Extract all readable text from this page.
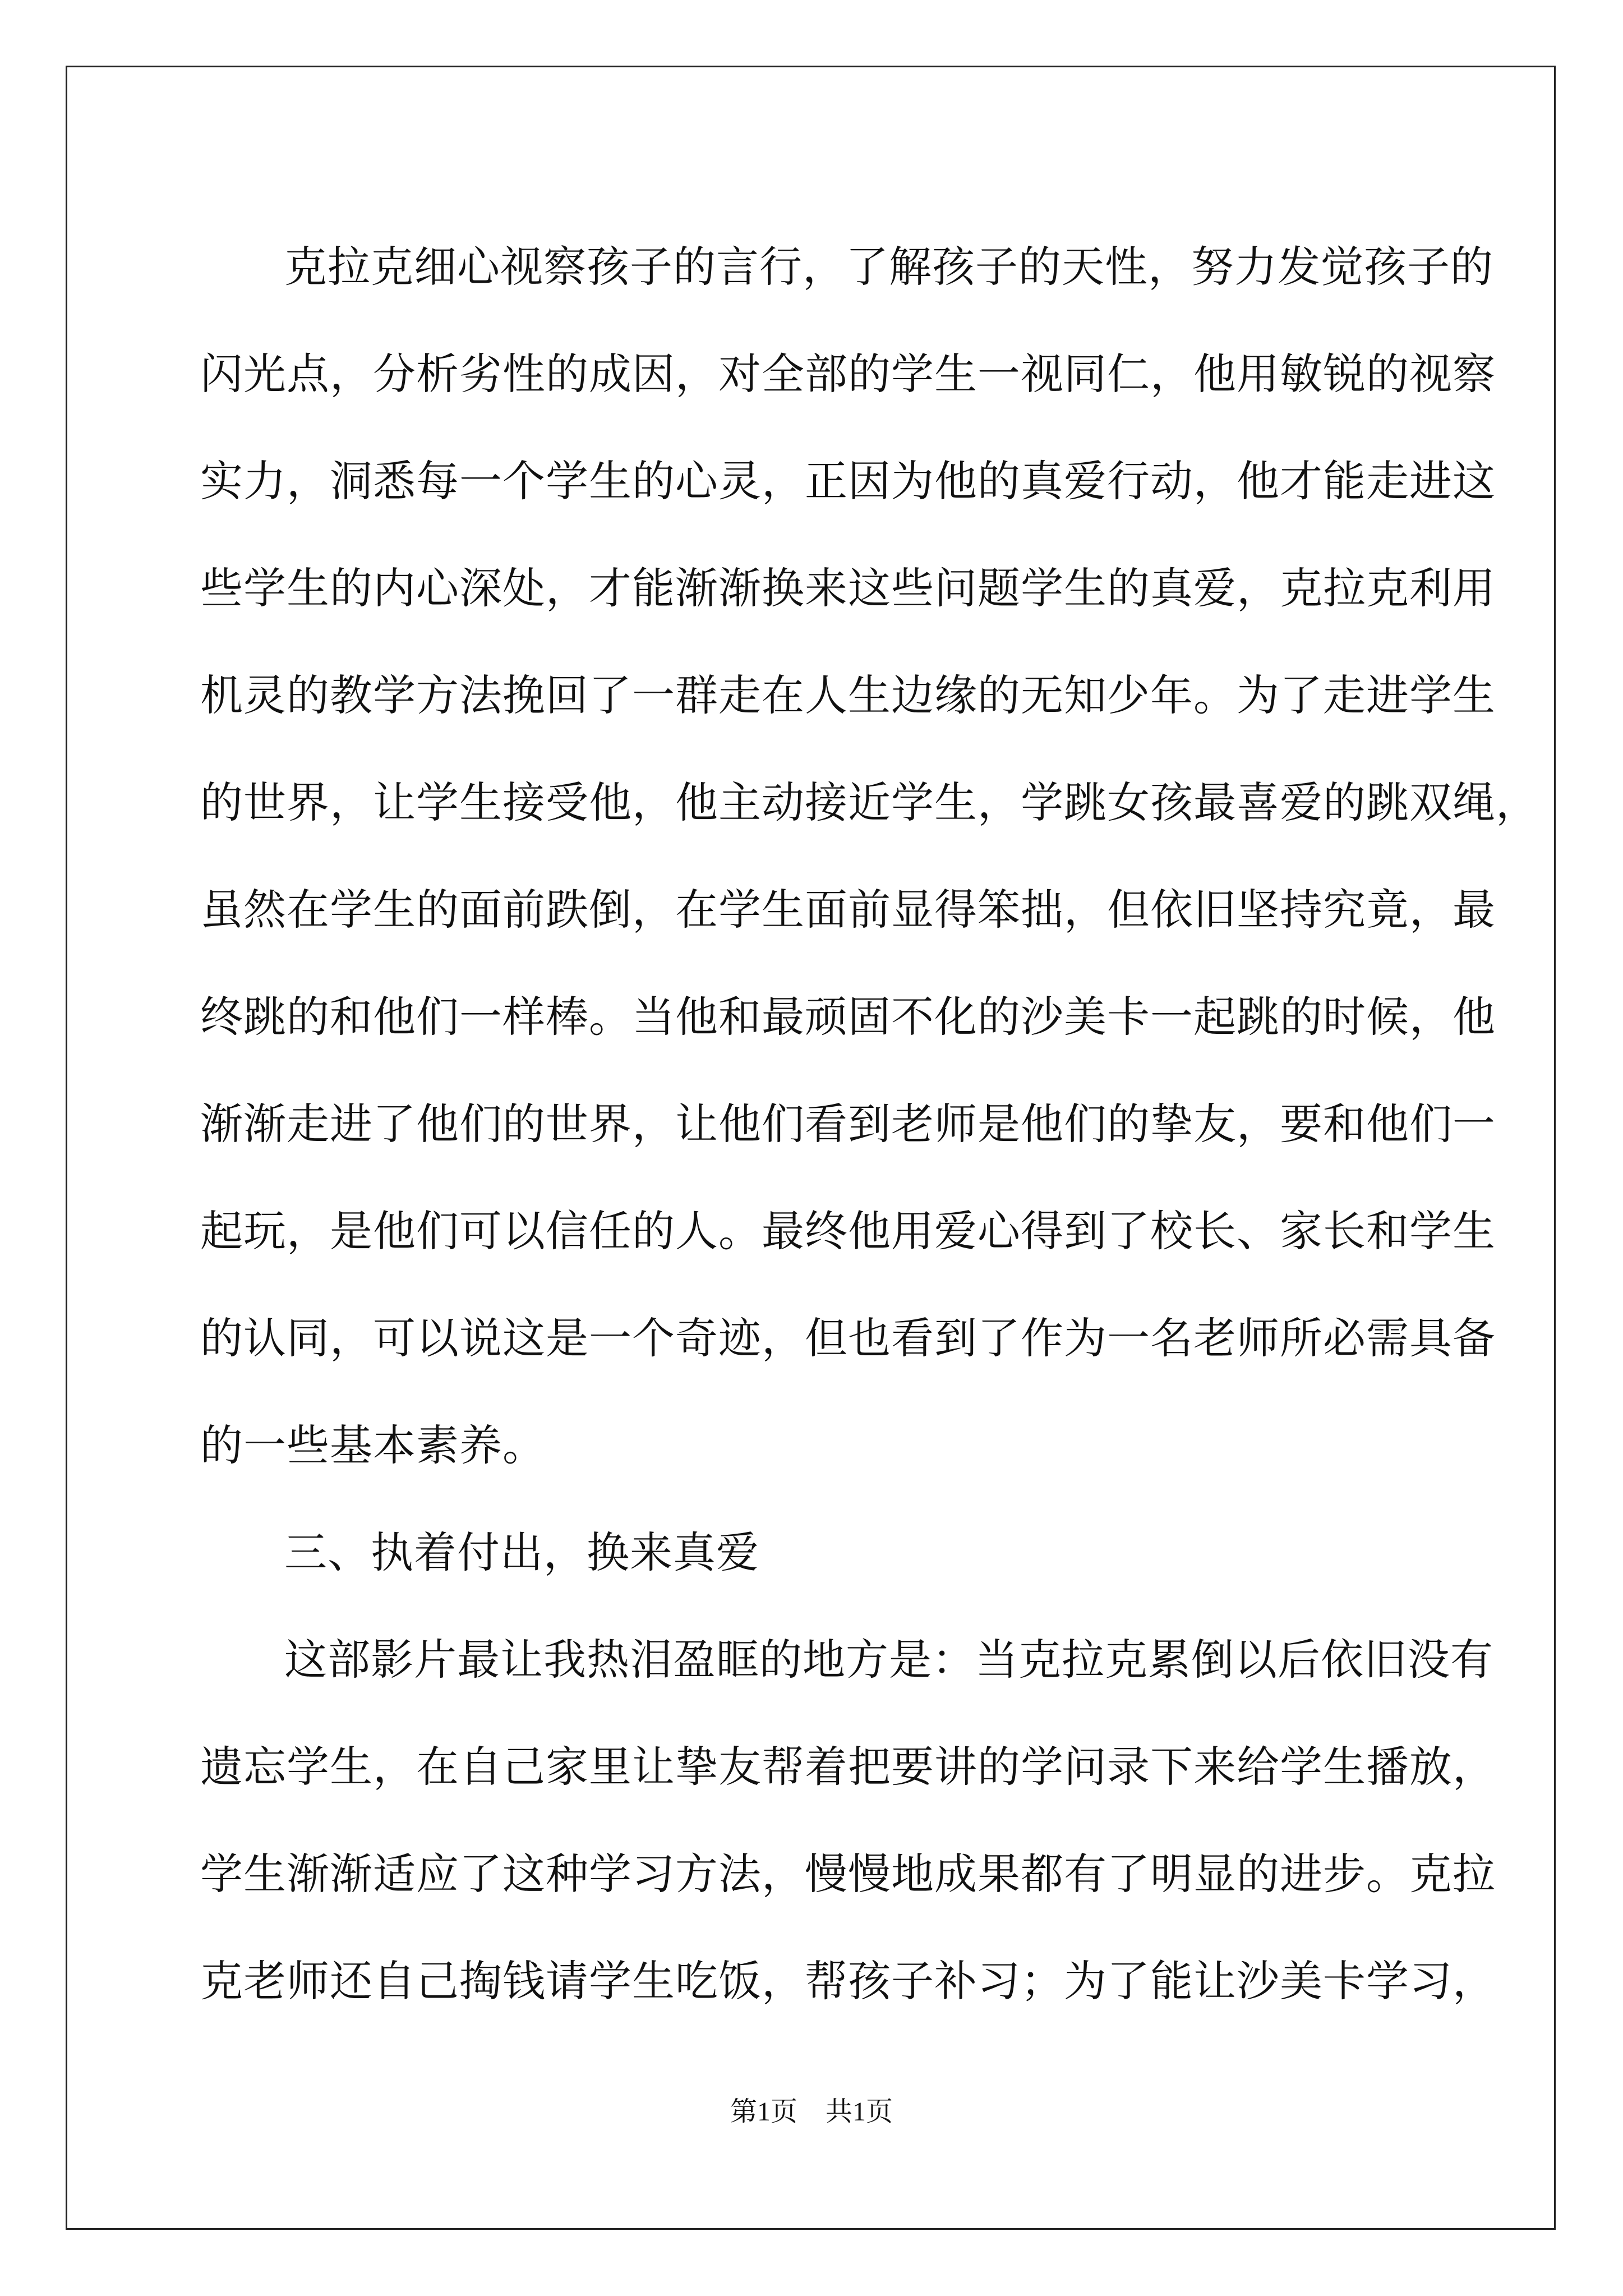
克拉克细心视察孩子的言行，了解孩子的天性，努力发觉孩子的
闪光点，分析劣性的成因，对全部的学生一视同仁，他用敏锐的视察
实力，洞悉每一个学生的心灵，正因为他的真爱行动，他才能走进这
些学生的内心深处，才能渐渐换来这些问题学生的真爱，克拉克利用
机灵的教学方法挽回了一群走在人生边缘的无知少年。为了走进学生
的世界，让学生接受他，他主动接近学生，学跳女孩最喜爱的跳双绳，
虽然在学生的面前跌倒，在学生面前显得笨拙，但依旧坚持究竟，最
终跳的和他们一样棒。当他和最顽固不化的沙美卡一起跳的时候，他
渐渐走进了他们的世界，让他们看到老师是他们的挚友，要和他们一
起玩，是他们可以信任的人。最终他用爱心得到了校长、家长和学生
的认同，可以说这是一个奇迹，但也看到了作为一名老师所必需具备
的一些基本素养。
三、执着付出，换来真爱
这部影片最让我热泪盈眶的地方是：当克拉克累倒以后依旧没有
遗忘学生，在自己家里让挚友帮着把要讲的学问录下来给学生播放，
学生渐渐适应了这种学习方法，慢慢地成果都有了明显的进步。克拉
克老师还自己掏钱请学生吃饭，帮孩子补习；为了能让沙美卡学习，
第1页 共1页
